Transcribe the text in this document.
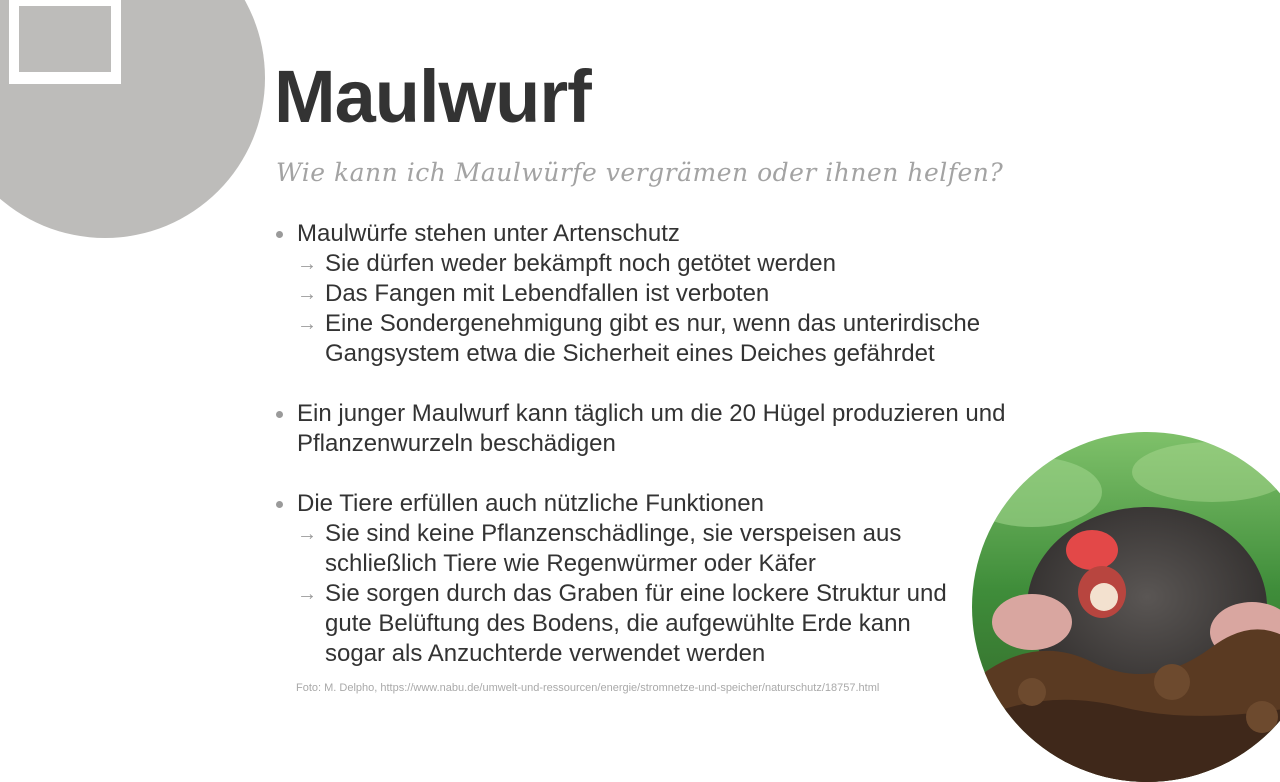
Maulwurf

Wie kann ich Maulwürfe vergrämen oder ihnen helfen?

Maulwürfe stehen unter Artenschutz
→ Sie dürfen weder bekämpft noch getötet werden
→ Das Fangen mit Lebendfallen ist verboten
→ Eine Sondergenehmigung gibt es nur, wenn das unterirdische Gangsystem etwa die Sicherheit eines Deiches gefährdet
Ein junger Maulwurf kann täglich um die 20 Hügel produzieren und Pflanzenwurzeln beschädigen
Die Tiere erfüllen auch nützliche Funktionen
→ Sie sind keine Pflanzenschädlinge, sie verspeisen aus schließlich Tiere wie Regenwürmer oder Käfer
→ Sie sorgen durch das Graben für eine lockere Struktur und gute Belüftung des Bodens, die aufgewühlte Erde kann sogar als Anzuchterde verwendet werden
Foto: M. Delpho, https://www.nabu.de/umwelt-und-ressourcen/energie/stromnetze-und-speicher/naturschutz/18757.html
